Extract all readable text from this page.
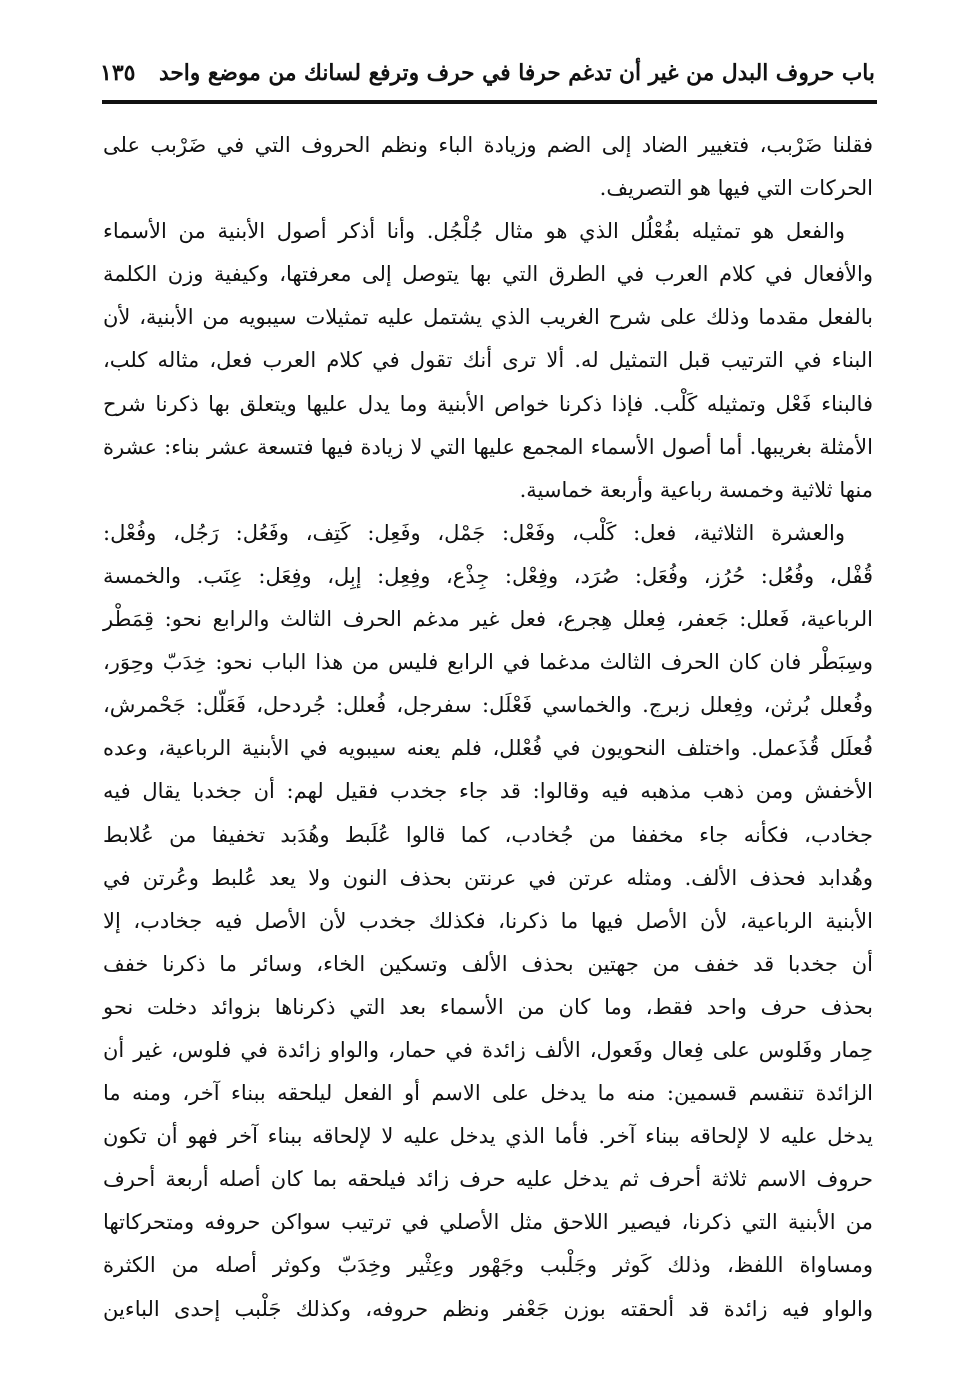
باب حروف البدل من غير أن تدغم حرفا في حرف وترفع لسانك من موضع واحد
١٣٥
فقلنا ضَرْبب، فتغيير الضاد إلى الضم وزيادة الباء ونظم الحروف التي في ضَرْبب على
الحركات التي فيها هو التصريف.
والفعل هو تمثيله بفُعْلُل الذي هو مثال جُلْجُل. وأنا أذكر أصول الأبنية من الأسماء
والأفعال في كلام العرب في الطرق التي بها يتوصل إلى معرفتها، وكيفية وزن الكلمة
بالفعل مقدما وذلك على شرح الغريب الذي يشتمل عليه تمثيلات سيبويه من الأبنية، لأن
البناء في الترتيب قبل التمثيل له. ألا ترى أنك تقول في كلام العرب فعل، مثاله كلب،
فالبناء فَعْل وتمثيله كَلْب. فإذا ذكرنا خواص الأبنية وما يدل عليها ويتعلق بها ذكرنا شرح
الأمثلة بغريبها. أما أصول الأسماء المجمع عليها التي لا زيادة فيها فتسعة عشر بناء: عشرة
منها ثلاثية وخمسة رباعية وأربعة خماسية.
والعشرة الثلاثية، فعل: كَلْب، وفَعْل: جَمْل، وفَعِل: كَتِف، وفَعُل: رَجُل، وفُعْل:
قُفْل، وفُعُل: حُرُز، وفُعَل: صُرَد، وفِعْل: جِذْع، وفِعِل: إبِل، وفِعَل: عِنَب. والخمسة
الرباعية، فَعلل: جَعفر، فِعلل هِجرع، فعل غير مدغم الحرف الثالث والرابع نحو: قِمَطْر
وسِبَطْر فان كان الحرف الثالث مدغما في الرابع فليس من هذا الباب نحو: خِدَبّ وحِوَر،
وفُعلل بُرثن، وفِعلل زبرج. والخماسي فَعْلَل: سفرجل، فُعلل: جُردحل، فَعَلّل: جَحْمرش،
فُعلَل قُذَعمل. واختلف النحويون في فُعْلل، فلم يعنه سيبويه في الأبنية الرباعية، وعده
الأخفش ومن ذهب مذهبه فيه وقالوا: قد جاء جخدب فقيل لهم: أن جخدبا يقال فيه
جخادب، فكأنه جاء مخففا من جُخادب، كما قالوا عُلَبط وهُدَبد تخفيفا من عُلابط
وهُدابد فحذف الألف. ومثله عرتن في عرنتن بحذف النون ولا يعد عُلبط وعُرتن في
الأبنية الرباعية، لأن الأصل فيها ما ذكرنا، فكذلك جخدب لأن الأصل فيه جخادب، إلا
أن جخدبا قد خفف من جهتين بحذف الألف وتسكين الخاء، وسائر ما ذكرنا خفف
بحذف حرف واحد فقط، وما كان من الأسماء بعد التي ذكرناها بزوائد دخلت نحو
حِمار وفَلوس على فِعال وفَعول، الألف زائدة في حمار، والواو زائدة في فلوس، غير أن
الزائدة تنقسم قسمين: منه ما يدخل على الاسم أو الفعل ليلحقه ببناء آخر، ومنه ما
يدخل عليه لا لإلحاقه ببناء آخر. فأما الذي يدخل عليه لا لإلحاقه ببناء آخر فهو أن تكون
حروف الاسم ثلاثة أحرف ثم يدخل عليه حرف زائد فيلحقه بما كان أصله أربعة أحرف
من الأبنية التي ذكرنا، فيصير اللاحق مثل الأصلي في ترتيب سواكن حروفه ومتحركاتها
ومساواة اللفظ، وذلك كَوثر وجَلْبب وجَهْور وعِثْير وخِدَبّ وكوثر أصله من الكثرة
والواو فيه زائدة قد ألحقته بوزن جَعْفر ونظم حروفه، وكذلك جَلْبب إحدى الباءين
